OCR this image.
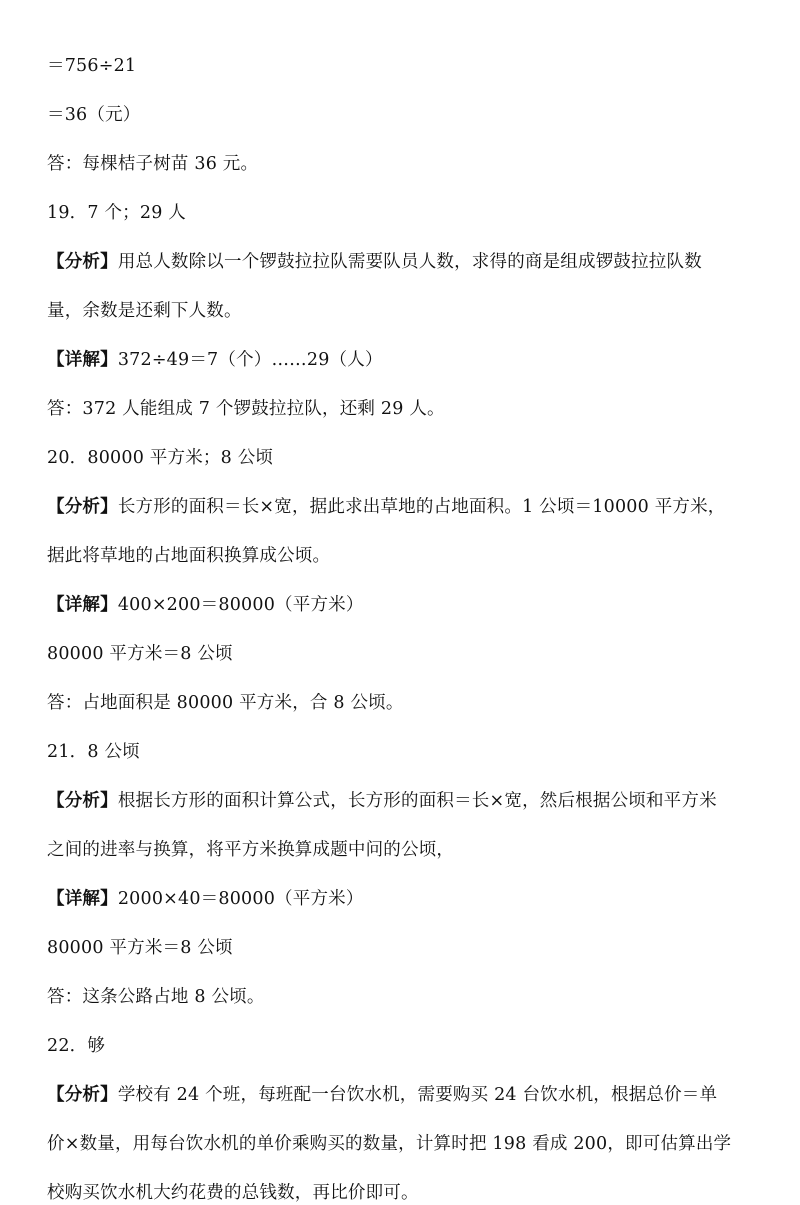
＝756÷21
＝36（元）
答：每棵桔子树苗 36 元。
19．7 个；29 人
【分析】用总人数除以一个锣鼓拉拉队需要队员人数，求得的商是组成锣鼓拉拉队数
量，余数是还剩下人数。
【详解】372÷49＝7（个）……29（人）
答：372 人能组成 7 个锣鼓拉拉队，还剩 29 人。
20．80000 平方米；8 公顷
【分析】长方形的面积＝长×宽，据此求出草地的占地面积。1 公顷＝10000 平方米，
据此将草地的占地面积换算成公顷。
【详解】400×200＝80000（平方米）
80000 平方米＝8 公顷
答：占地面积是 80000 平方米，合 8 公顷。
21．8 公顷
【分析】根据长方形的面积计算公式，长方形的面积＝长×宽，然后根据公顷和平方米
之间的进率与换算，将平方米换算成题中问的公顷，
【详解】2000×40＝80000（平方米）
80000 平方米＝8 公顷
答：这条公路占地 8 公顷。
22．够
【分析】学校有 24 个班，每班配一台饮水机，需要购买 24 台饮水机，根据总价＝单
价×数量，用每台饮水机的单价乘购买的数量，计算时把 198 看成 200，即可估算出学
校购买饮水机大约花费的总钱数，再比价即可。
